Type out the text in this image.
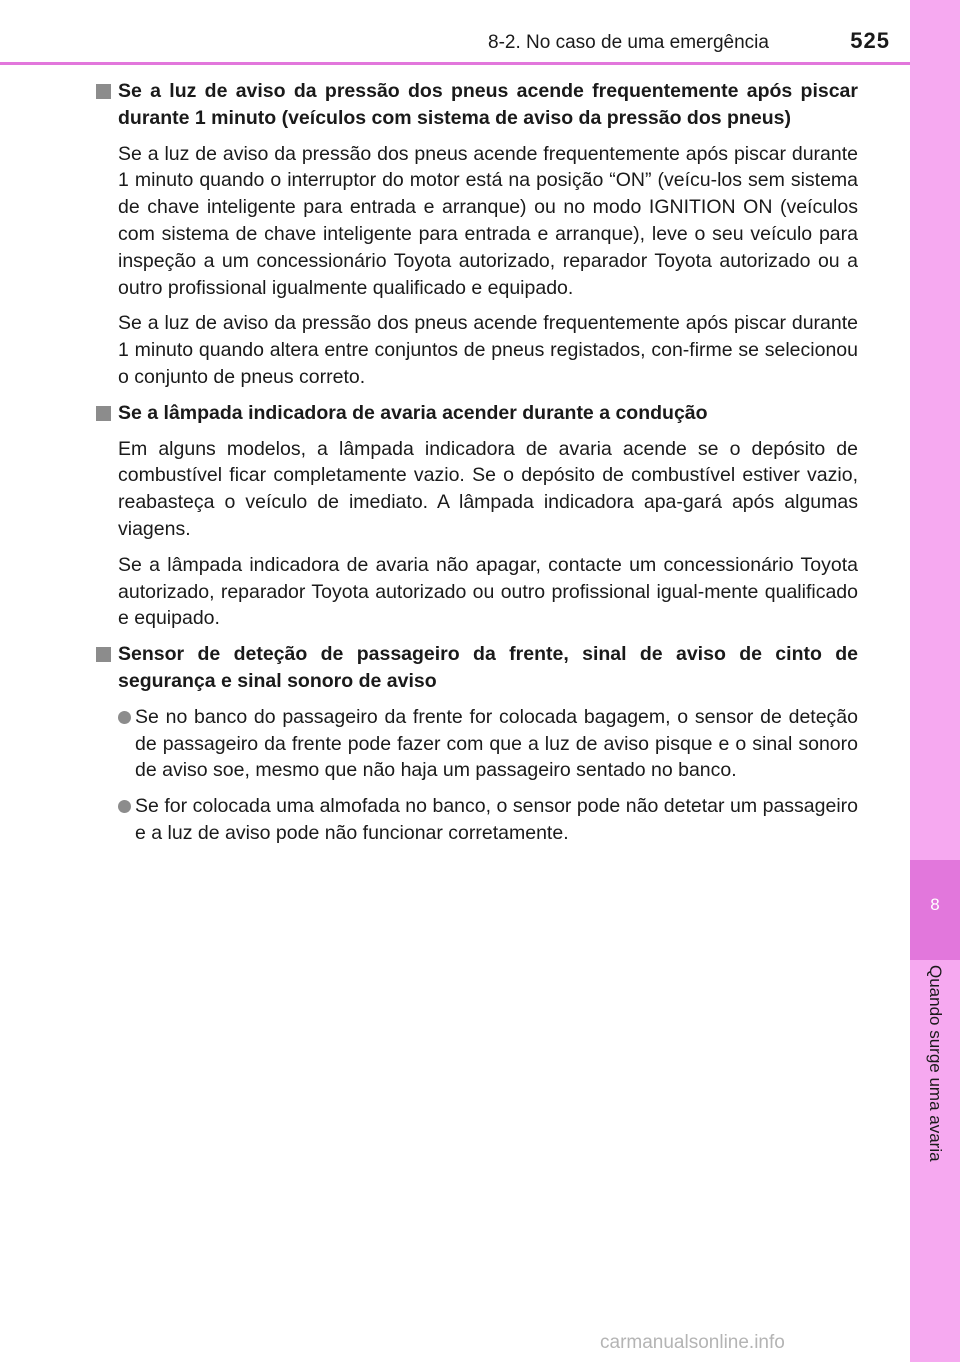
8
Quando surge uma avaria
8-2. No caso de uma emergência	525
Se a luz de aviso da pressão dos pneus acende frequentemente após piscar durante 1 minuto (veículos com sistema de aviso da pressão dos pneus)

Se a luz de aviso da pressão dos pneus acende frequentemente após piscar durante 1 minuto quando o interruptor do motor está na posição “ON” (veícu-los sem sistema de chave inteligente para entrada e arranque) ou no modo IGNITION ON (veículos com sistema de chave inteligente para entrada e arranque), leve o seu veículo para inspeção a um concessionário Toyota autorizado, reparador Toyota autorizado ou a outro profissional igualmente qualificado e equipado.

Se a luz de aviso da pressão dos pneus acende frequentemente após piscar durante 1 minuto quando altera entre conjuntos de pneus registados, con-firme se selecionou o conjunto de pneus correto.

Se a lâmpada indicadora de avaria acender durante a condução

Em alguns modelos, a lâmpada indicadora de avaria acende se o depósito de combustível ficar completamente vazio. Se o depósito de combustível estiver vazio, reabasteça o veículo de imediato. A lâmpada indicadora apa-gará após algumas viagens.

Se a lâmpada indicadora de avaria não apagar, contacte um concessionário Toyota autorizado, reparador Toyota autorizado ou outro profissional igual-mente qualificado e equipado.

Sensor de deteção de passageiro da frente, sinal de aviso de cinto de segurança e sinal sonoro de aviso
Se no banco do passageiro da frente for colocada bagagem, o sensor de deteção de passageiro da frente pode fazer com que a luz de aviso pisque e o sinal sonoro de aviso soe, mesmo que não haja um passageiro sentado no banco.
Se for colocada uma almofada no banco, o sensor pode não detetar um passageiro e a luz de aviso pode não funcionar corretamente.
carmanualsonline.info
